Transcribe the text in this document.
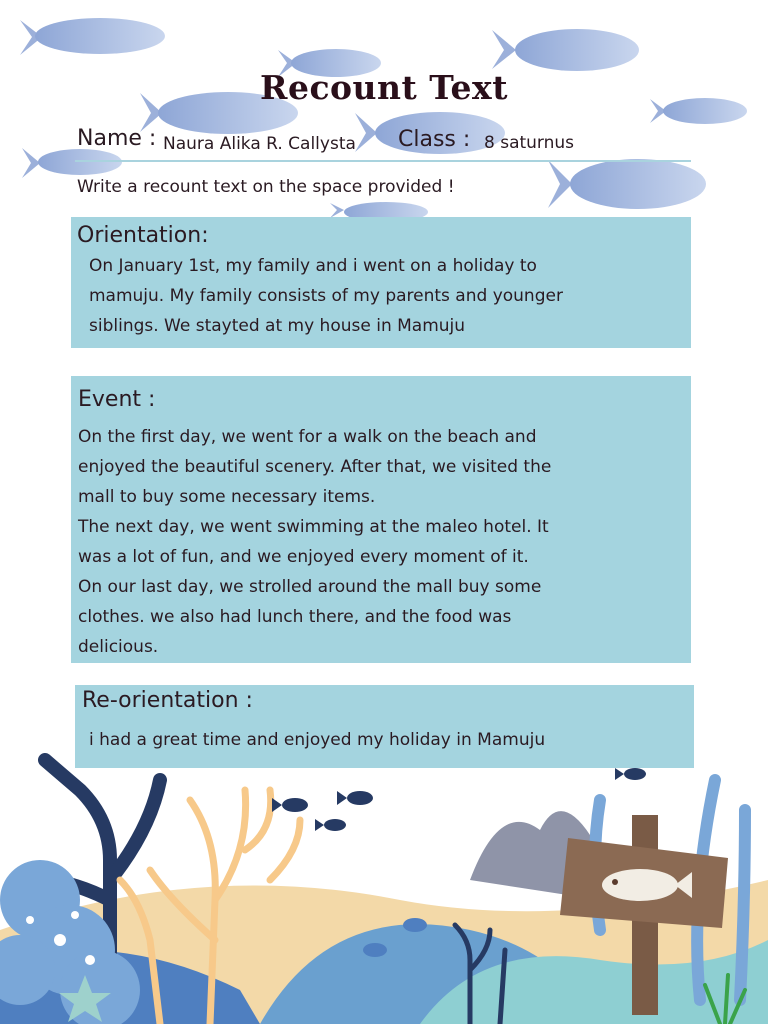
Recount Text
Name : Naura Alika R. Callysta Class : 8 saturnus
Write a recount text on the space provided !
Orientation:

On January 1st, my family and i went on a holiday to

mamuju. My family consists of my parents and younger

siblings. We stayted at my house in Mamuju

Event :

On the first day, we went for a walk on the beach and

enjoyed the beautiful scenery. After that, we visited the

mall to buy some necessary items.

The next day, we went swimming at the maleo hotel. It

was a lot of fun, and we enjoyed every moment of it.

On our last day, we strolled around the mall buy some

clothes. we also had lunch there, and the food was

delicious.

Re-orientation :

i had a great time and enjoyed my holiday in Mamuju
